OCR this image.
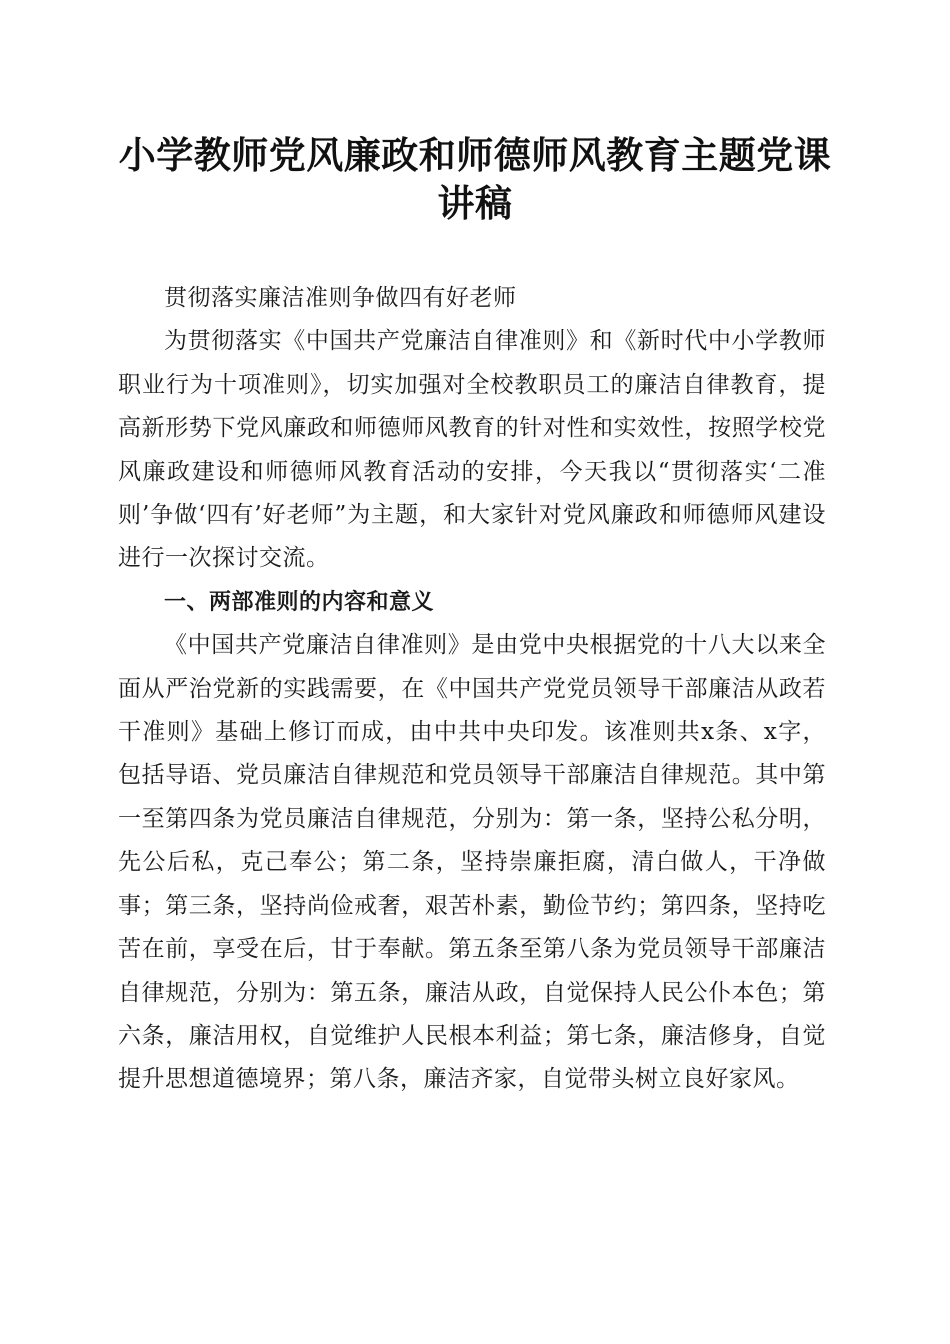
小学教师党风廉政和师德师风教育主题党课讲稿

贯彻落实廉洁准则争做四有好老师

为贯彻落实《中国共产党廉洁自律准则》和《新时代中小学教师职业行为十项准则》，切实加强对全校教职员工的廉洁自律教育，提高新形势下党风廉政和师德师风教育的针对性和实效性，按照学校党风廉政建设和师德师风教育活动的安排，今天我以“贯彻落实‘二准则’争做‘四有’好老师”为主题，和大家针对党风廉政和师德师风建设进行一次探讨交流。

一、两部准则的内容和意义

《中国共产党廉洁自律准则》是由党中央根据党的十八大以来全面从严治党新的实践需要，在《中国共产党党员领导干部廉洁从政若干准则》基础上修订而成，由中共中央印发。该准则共x条、x字，包括导语、党员廉洁自律规范和党员领导干部廉洁自律规范。其中第一至第四条为党员廉洁自律规范，分别为：第一条，坚持公私分明，先公后私，克己奉公；第二条，坚持崇廉拒腐，清白做人，干净做事；第三条，坚持尚俭戒奢，艰苦朴素，勤俭节约；第四条，坚持吃苦在前，享受在后，甘于奉献。第五条至第八条为党员领导干部廉洁自律规范，分别为：第五条，廉洁从政，自觉保持人民公仆本色；第六条，廉洁用权，自觉维护人民根本利益；第七条，廉洁修身，自觉提升思想道德境界；第八条，廉洁齐家，自觉带头树立良好家风。
